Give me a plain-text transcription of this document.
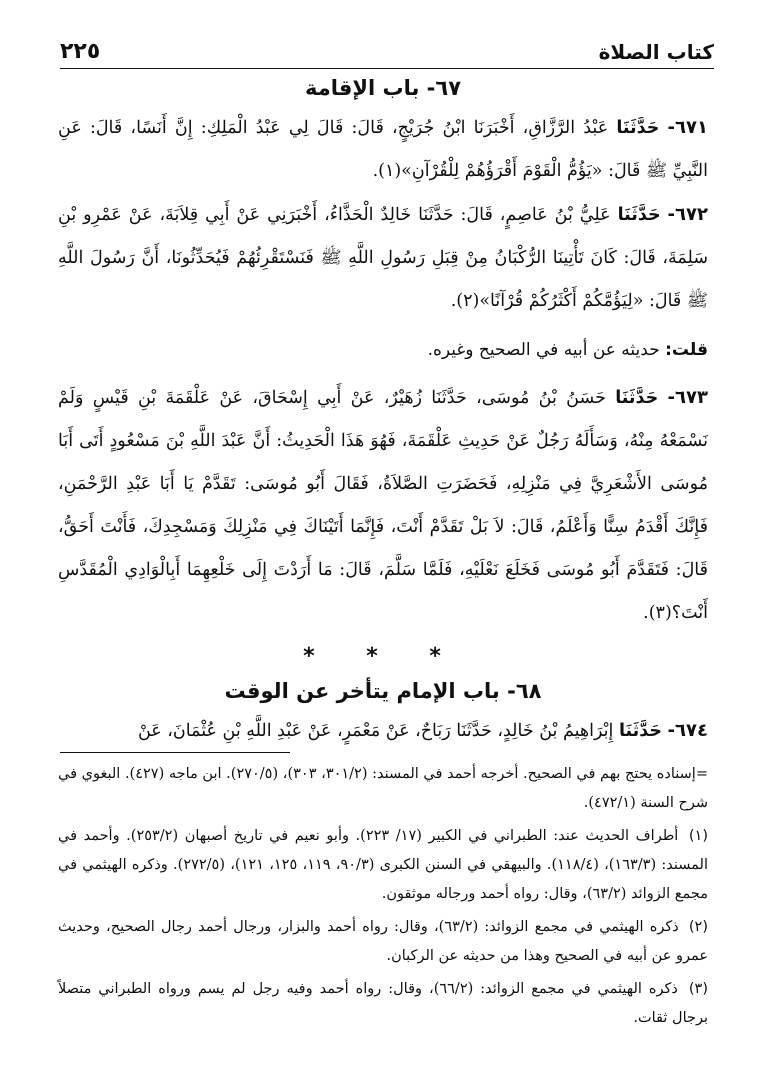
كتاب الصلاة
٢٢٥
٦٧- باب الإقامة

٦٧١- حَدَّثَنَا عَبْدُ الرَّزَّاقِ، أَخْبَرَنَا ابْنُ جُرَيْجٍ، قَالَ: قَالَ لِي عَبْدُ الْمَلِكِ: إِنَّ أَنَسًا، قَالَ: عَنِ النَّبِيِّ ﷺ قَالَ: «يَؤُمُّ الْقَوْمَ أَقْرَؤُهُمْ لِلْقُرْآنِ»(١).

٦٧٢- حَدَّثَنَا عَلِيُّ بْنُ عَاصِمٍ، قَالَ: حَدَّثَنَا خَالِدٌ الْحَذَّاءُ، أَخْبَرَنِي عَنْ أَبِي قِلاَبَةَ، عَنْ عَمْرِو بْنِ سَلِمَةَ، قَالَ: كَانَ تَأْتِينَا الرُّكْبَانُ مِنْ قِبَلِ رَسُولِ اللَّهِ ﷺ فَنَسْتَقْرِئُهُمْ فَيُحَدِّثُونَا، أَنَّ رَسُولَ اللَّهِ ﷺ قَالَ: «لِيَؤُمَّكُمْ أَكْثَرُكُمْ قُرْآنًا»(٢).

قلت: حديثه عن أبيه في الصحيح وغيره.

٦٧٣- حَدَّثَنَا حَسَنُ بْنُ مُوسَى، حَدَّثَنَا زُهَيْرٌ، عَنْ أَبِي إِسْحَاقَ، عَنْ عَلْقَمَةَ بْنِ قَيْسٍ وَلَمْ نَسْمَعْهُ مِنْهُ، وَسَأَلَهُ رَجُلٌ عَنْ حَدِيثِ عَلْقَمَةَ، فَهُوَ هَذَا الْحَدِيثُ: أَنَّ عَبْدَ اللَّهِ بْنَ مَسْعُودٍ أَتَى أَبَا مُوسَى الأَشْعَرِيَّ فِي مَنْزِلِهِ، فَحَضَرَتِ الصَّلاَةُ، فَقَالَ أَبُو مُوسَى: تَقَدَّمْ يَا أَبَا عَبْدِ الرَّحْمَنِ، فَإِنَّكَ أَقْدَمُ سِنًّا وَأَعْلَمُ، قَالَ: لاَ بَلْ تَقَدَّمْ أَنْتَ، فَإِنَّمَا أَتَيْنَاكَ فِي مَنْزِلِكَ وَمَسْجِدِكَ، فَأَنْتَ أَحَقُّ، قَالَ: فَتَقَدَّمَ أَبُو مُوسَى فَخَلَعَ نَعْلَيْهِ، فَلَمَّا سَلَّمَ، قَالَ: مَا أَرَدْتَ إِلَى خَلْعِهِمَا أَبِالْوَادِي الْمُقَدَّسِ أَنْتَ؟(٣).

* * *

٦٨- باب الإمام يتأخر عن الوقت

٦٧٤- حَدَّثَنَا إِبْرَاهِيمُ بْنُ خَالِدٍ، حَدَّثَنَا رَبَاحٌ، عَنْ مَعْمَرٍ، عَنْ عَبْدِ اللَّهِ بْنِ عُثْمَانَ، عَنْ

=إسناده يحتج بهم في الصحيح. أخرجه أحمد في المسند: (٣٠١/٢، ٣٠٣)، (٢٧٠/٥). ابن ماجه (٤٢٧). البغوي في شرح السنة (٤٧٢/١).

(١) أطراف الحديث عند: الطبراني في الكبير (١٧/ ٢٢٣). وأبو نعيم في تاريخ أصبهان (٢٥٣/٢). وأحمد في المسند: (١٦٣/٣)، (١١٨/٤). والبيهقي في السنن الكبرى (٩٠/٣، ١١٩، ١٢٥، ١٢١)، (٢٧٢/٥). وذكره الهيثمي في مجمع الزوائد (٦٣/٢)، وقال: رواه أحمد ورجاله موثقون.

(٢) ذكره الهيثمي في مجمع الزوائد: (٦٣/٢)، وقال: رواه أحمد والبزار، ورجال أحمد رجال الصحيح، وحديث عمرو عن أبيه في الصحيح وهذا من حديثه عن الركبان.

(٣) ذكره الهيثمي في مجمع الزوائد: (٦٦/٢)، وقال: رواه أحمد وفيه رجل لم يسم ورواه الطبراني متصلاً برجال ثقات.
